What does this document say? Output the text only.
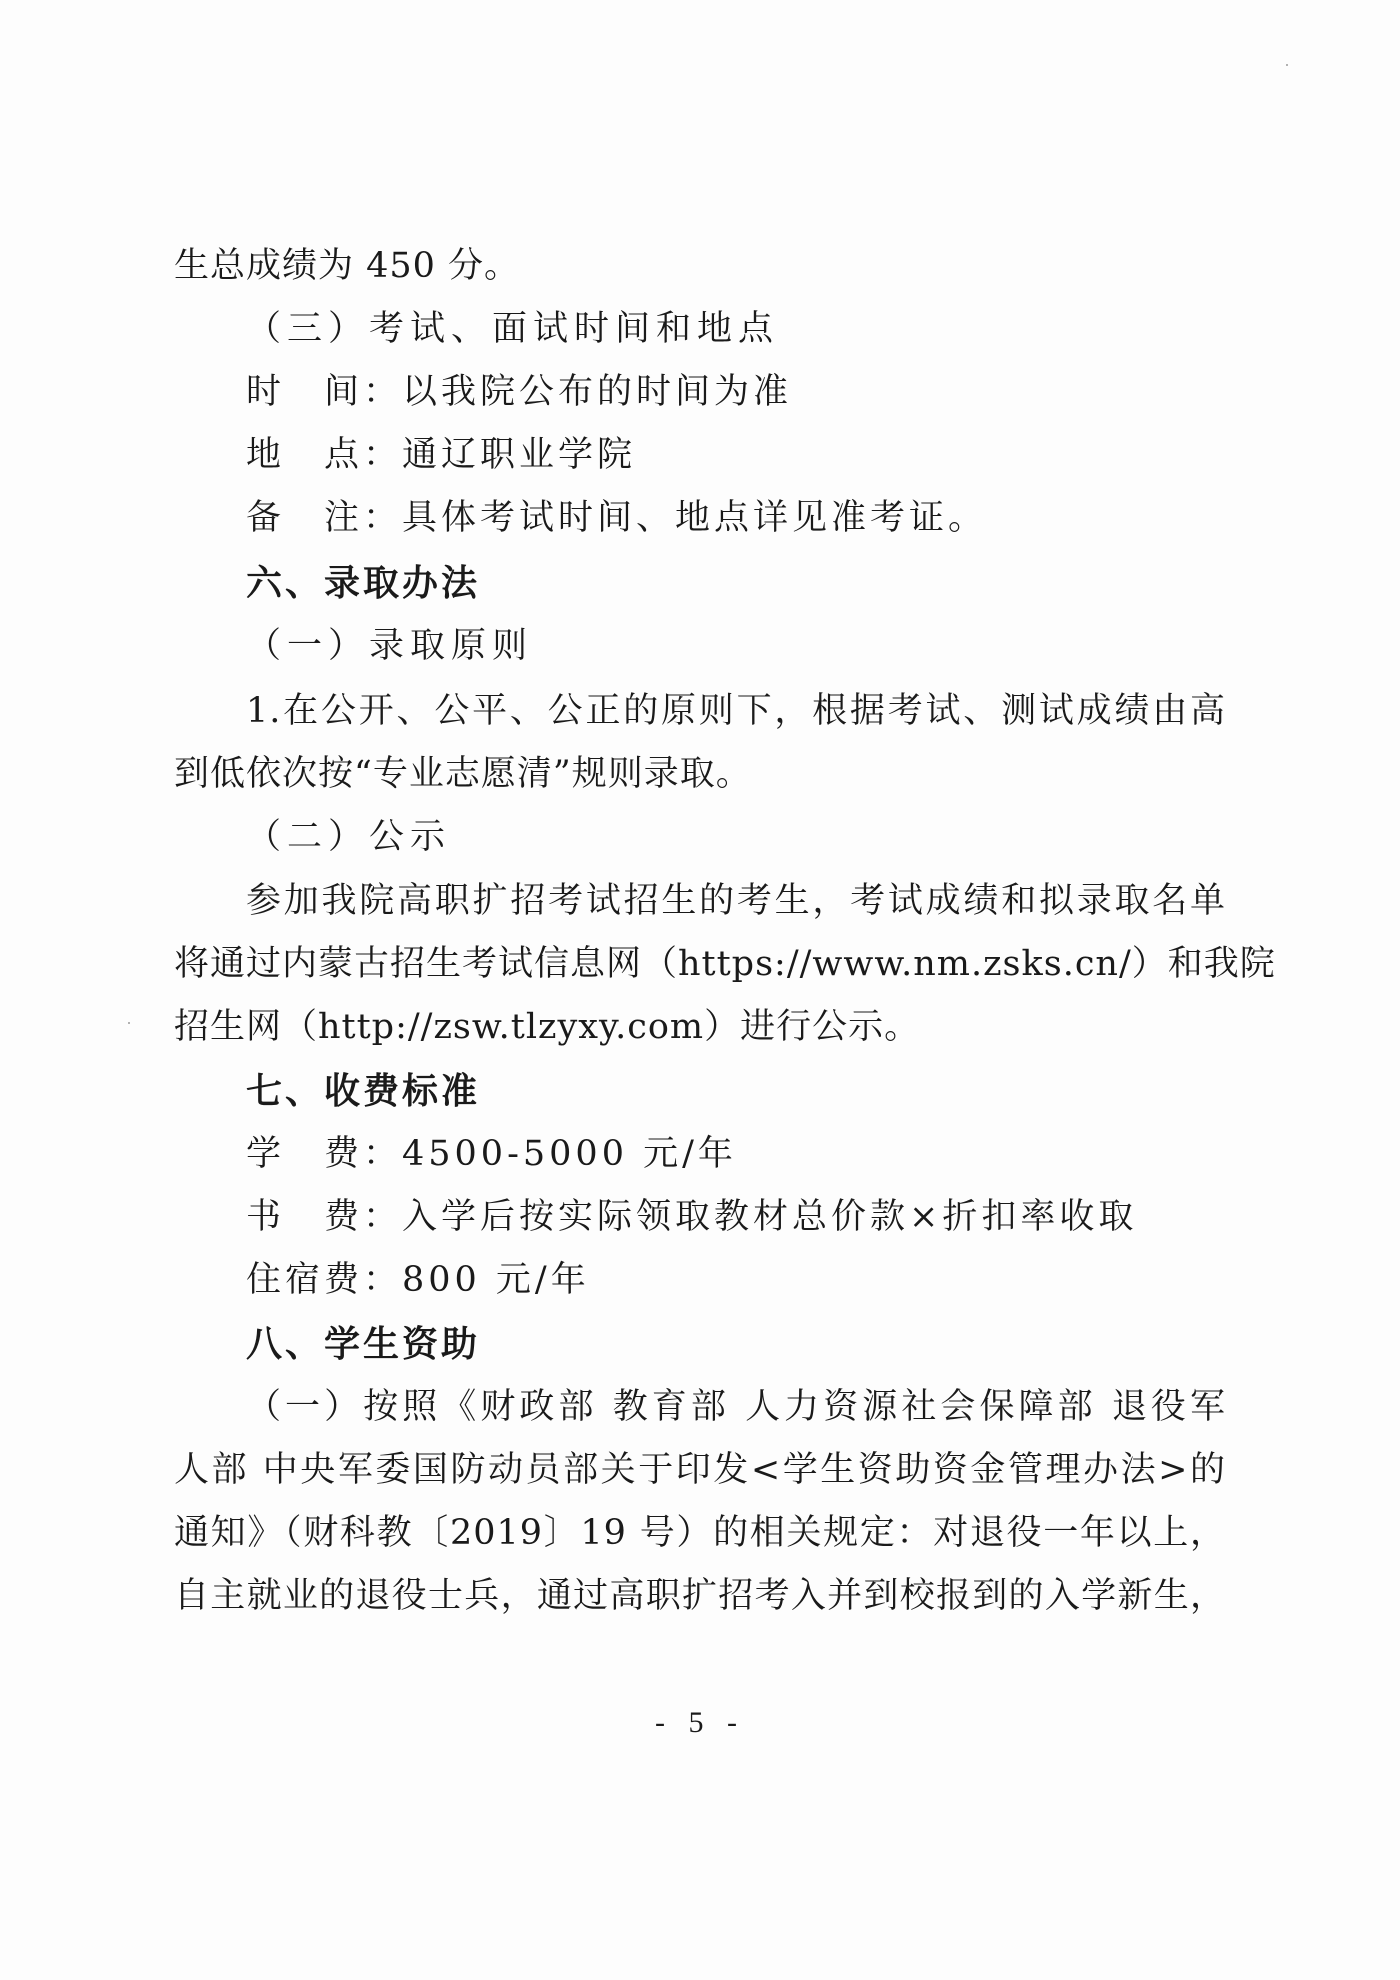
生总成绩为 450 分。
（三）考试、面试时间和地点
时　间：以我院公布的时间为准
地　点：通辽职业学院
备　注：具体考试时间、地点详见准考证。
六、录取办法
（一）录取原则
1.在公开、公平、公正的原则下，根据考试、测试成绩由高
到低依次按“专业志愿清”规则录取。
（二）公示
参加我院高职扩招考试招生的考生，考试成绩和拟录取名单
将通过内蒙古招生考试信息网（https://www.nm.zsks.cn/）和我院
招生网（http://zsw.tlzyxy.com）进行公示。
七、收费标准
学　费：4500-5000 元/年
书　费：入学后按实际领取教材总价款×折扣率收取
住宿费：800 元/年
八、学生资助
（一）按照《财政部 教育部 人力资源社会保障部 退役军
人部 中央军委国防动员部关于印发<学生资助资金管理办法>的
通知》（财科教〔2019〕19 号）的相关规定：对退役一年以上，
自主就业的退役士兵，通过高职扩招考入并到校报到的入学新生，
- 5 -
